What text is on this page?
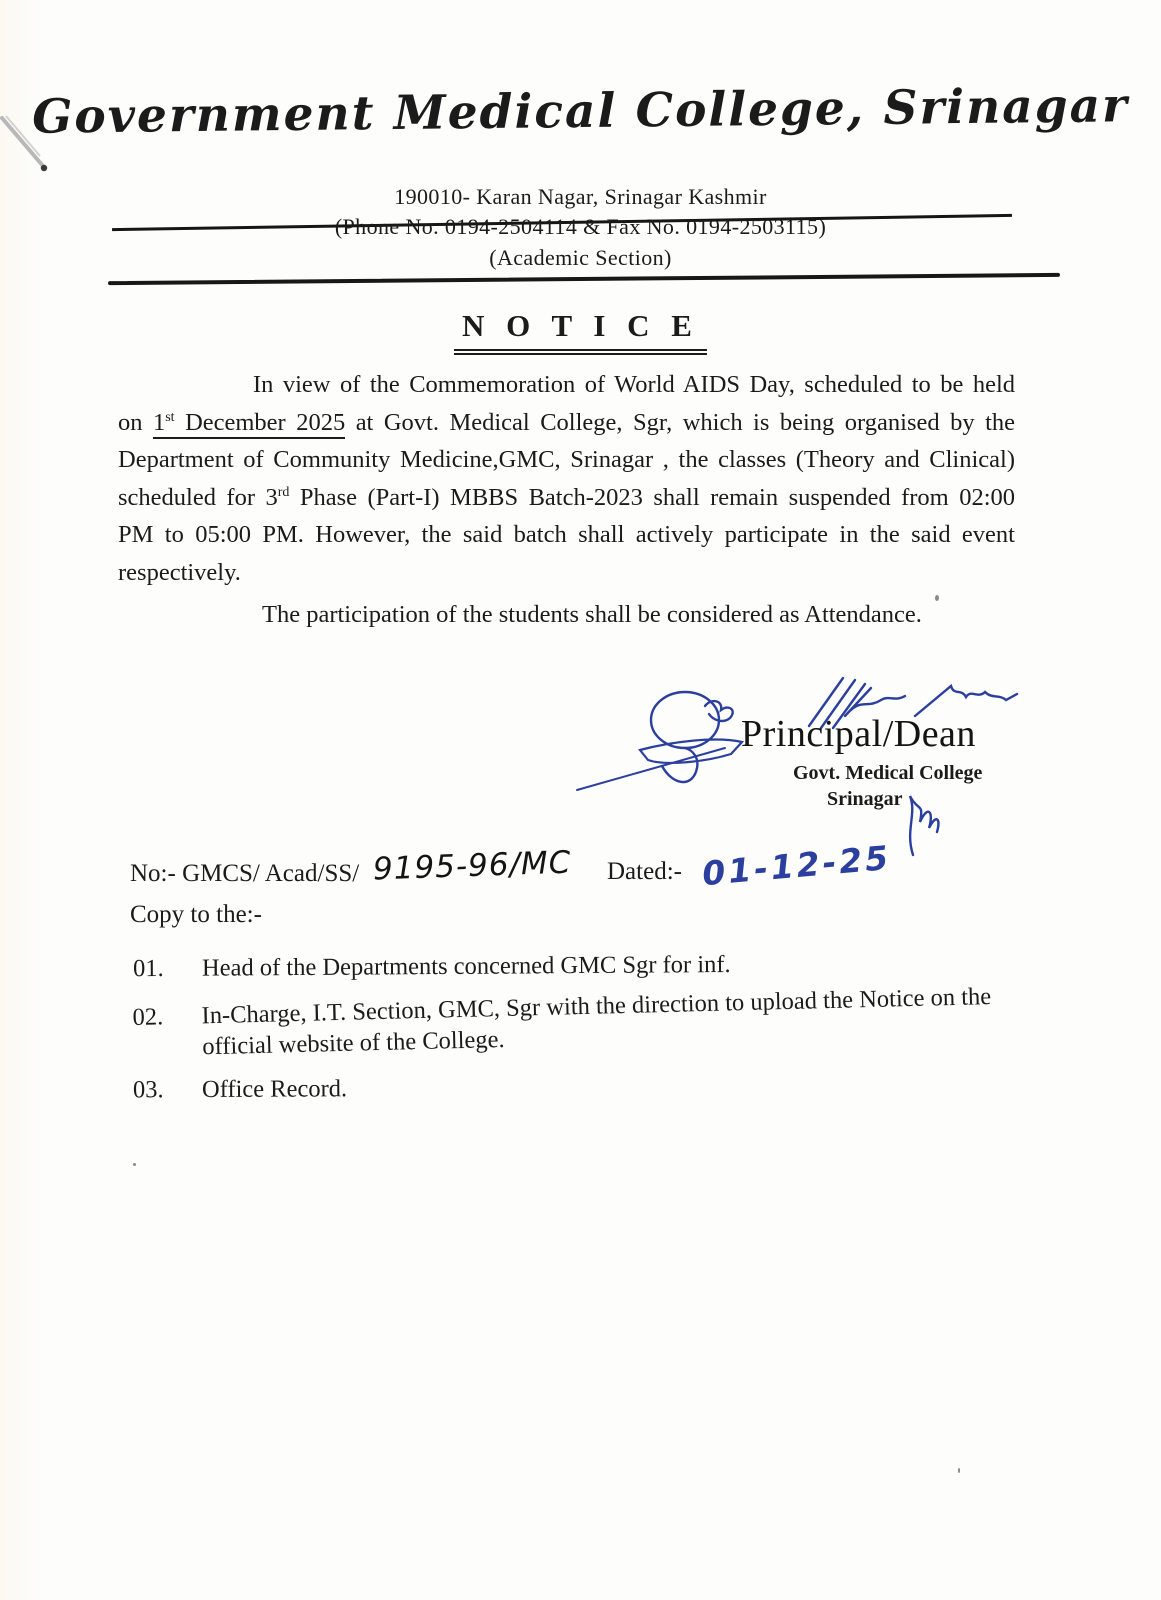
Government Medical College, Srinagar
190010- Karan Nagar, Srinagar Kashmir
(Phone No. 0194-2504114 & Fax No. 0194-2503115)
(Academic Section)
N O T I C E

In view of the Commemoration of World AIDS Day, scheduled to be held on 1st December 2025 at Govt. Medical College, Sgr, which is being organised by the Department of Community Medicine,GMC, Srinagar , the classes (Theory and Clinical) scheduled for 3rd Phase (Part-I) MBBS Batch-2023 shall remain suspended from 02:00 PM to 05:00 PM. However, the said batch shall actively participate in the said event respectively.

The participation of the students shall be considered as Attendance.

Principal/Dean
Govt. Medical College
Srinagar
No:- GMCS/ Acad/SS/ 9195-96/MC Dated:- 01-12-25
Copy to the:-
01.	Head of the Departments concerned GMC Sgr for inf.
02.	In-Charge, I.T. Section, GMC, Sgr with the direction to upload the Notice on the official website of the College.
03.	Office Record.
